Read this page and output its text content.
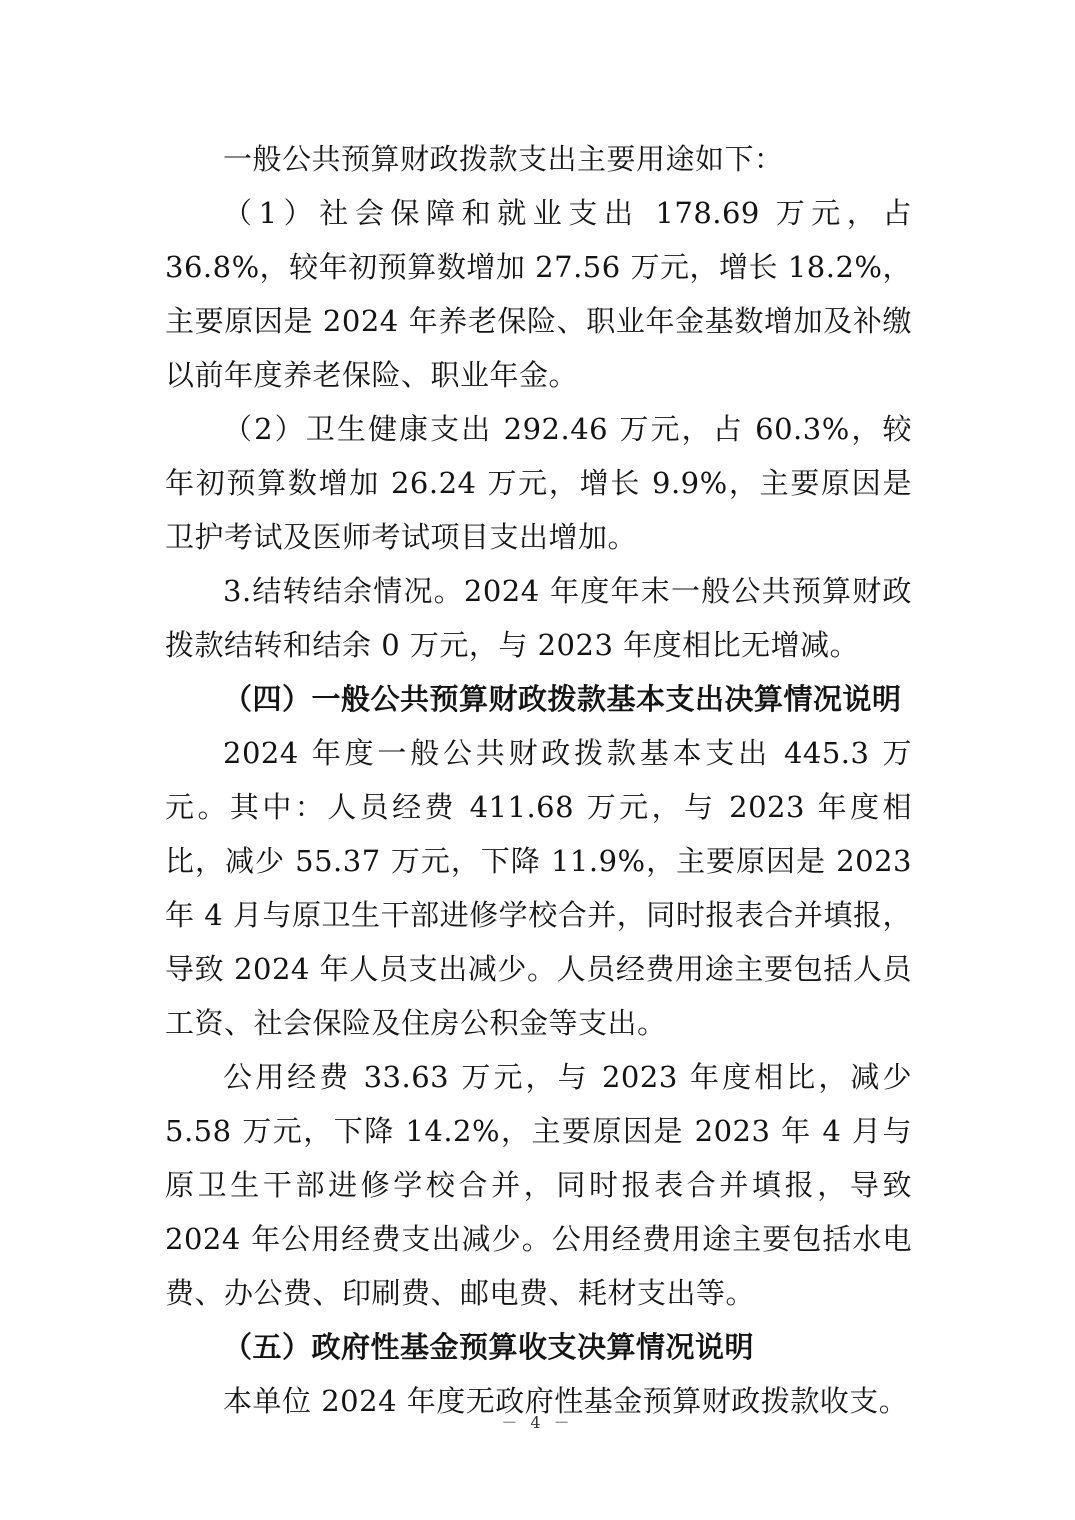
一般公共预算财政拨款支出主要用途如下：

（1）社会保障和就业支出 178.69 万元，占 36.8%，较年初预算数增加 27.56 万元，增长 18.2%，主要原因是 2024 年养老保险、职业年金基数增加及补缴以前年度养老保险、职业年金。

（2）卫生健康支出 292.46 万元，占 60.3%，较年初预算数增加 26.24 万元，增长 9.9%，主要原因是卫护考试及医师考试项目支出增加。

3.结转结余情况。2024 年度年末一般公共预算财政拨款结转和结余 0 万元，与 2023 年度相比无增减。

（四）一般公共预算财政拨款基本支出决算情况说明

2024 年度一般公共财政拨款基本支出 445.3 万元。其中：人员经费 411.68 万元，与 2023 年度相比，减少 55.37 万元，下降 11.9%，主要原因是 2023 年 4 月与原卫生干部进修学校合并，同时报表合并填报，导致 2024 年人员支出减少。人员经费用途主要包括人员工资、社会保险及住房公积金等支出。

公用经费 33.63 万元，与 2023 年度相比，减少 5.58 万元，下降 14.2%，主要原因是 2023 年 4 月与原卫生干部进修学校合并，同时报表合并填报，导致 2024 年公用经费支出减少。公用经费用途主要包括水电费、办公费、印刷费、邮电费、耗材支出等。

（五）政府性基金预算收支决算情况说明

本单位 2024 年度无政府性基金预算财政拨款收支。

－ 4 －
